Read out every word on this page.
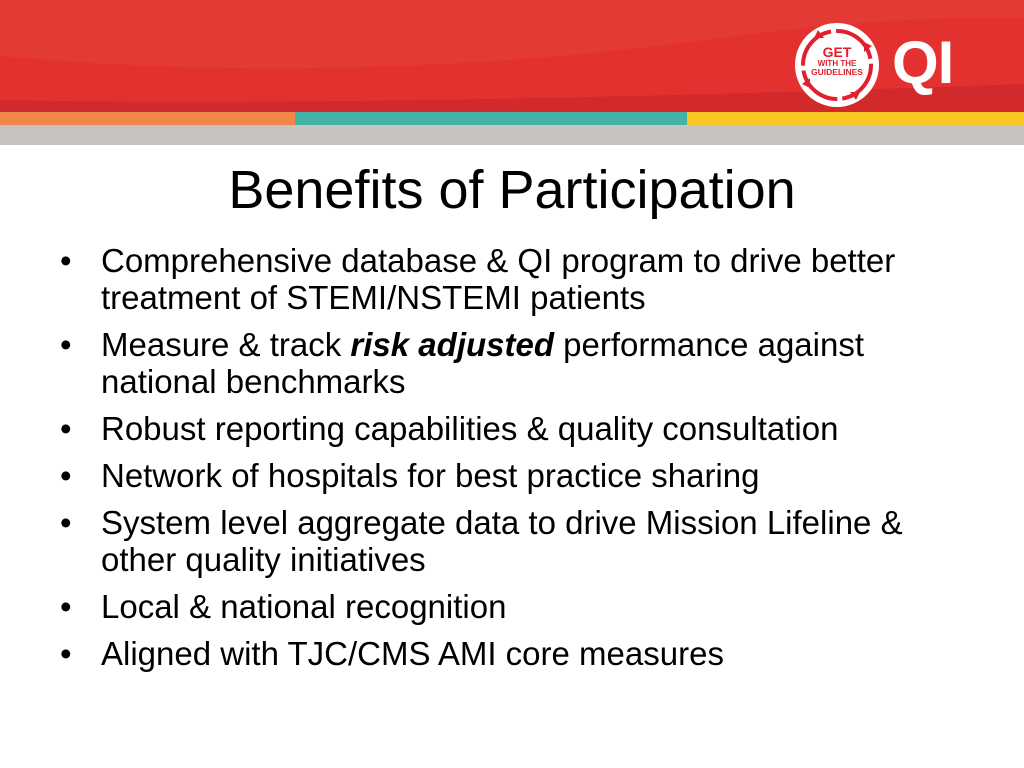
GET
WITH THE
GUIDELINES QI
Benefits of Participation
• Comprehensive database & QI program to drive better treatment of STEMI/NSTEMI patients
• Measure & track risk adjusted performance against national benchmarks
• Robust reporting capabilities & quality consultation
• Network of hospitals for best practice sharing
• System level aggregate data to drive Mission Lifeline & other quality initiatives
• Local & national recognition
• Aligned with TJC/CMS AMI core measures
